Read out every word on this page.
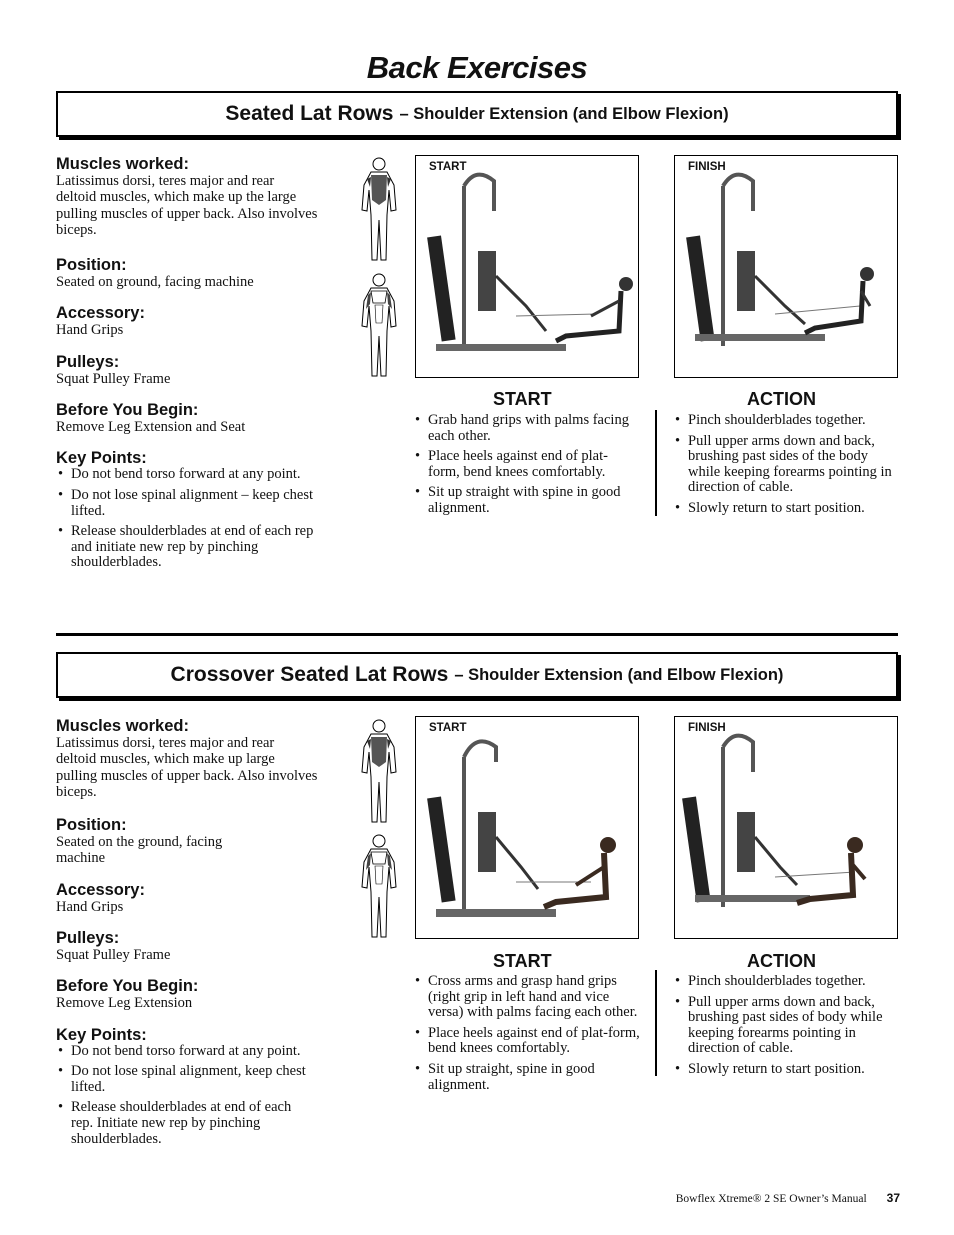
Back Exercises
Seated Lat Rows – Shoulder Extension (and Elbow Flexion)
Muscles worked:
Latissimus dorsi, teres major and rear deltoid muscles, which make up the large pulling muscles of upper back. Also involves biceps.
Position:
Seated on ground, facing machine
Accessory:
Hand Grips
Pulleys:
Squat Pulley Frame
Before You Begin:
Remove Leg Extension and Seat
Key Points:
• Do not bend torso forward at any point.
• Do not lose spinal alignment – keep chest lifted.
• Release shoulderblades at end of each rep and initiate new rep by pinching shoulderblades.
START	FINISH
START
• Grab hand grips with palms facing each other.
• Place heels against end of plat-form, bend knees comfortably.
• Sit up straight with spine in good alignment.
ACTION
• Pinch shoulderblades together.
• Pull upper arms down and back, brushing past sides of the body while keeping forearms pointing in direction of cable.
• Slowly return to start position.
Crossover Seated Lat Rows – Shoulder Extension (and Elbow Flexion)
Muscles worked:
Latissimus dorsi, teres major and rear deltoid muscles, which make up large pulling muscles of upper back. Also involves biceps.
Position:
Seated on the ground, facing machine
Accessory:
Hand Grips
Pulleys:
Squat Pulley Frame
Before You Begin:
Remove Leg Extension
Key Points:
• Do not bend torso forward at any point.
• Do not lose spinal alignment, keep chest lifted.
• Release shoulderblades at end of each rep. Initiate new rep by pinching shoulderblades.
START	FINISH
START
• Cross arms and grasp hand grips (right grip in left hand and vice versa) with palms facing each other.
• Place heels against end of plat-form, bend knees comfortably.
• Sit up straight, spine in good alignment.
ACTION
• Pinch shoulderblades together.
• Pull upper arms down and back, brushing past sides of body while keeping forearms pointing in direction of cable.
• Slowly return to start position.
Bowflex Xtreme® 2 SE Owner’s Manual 37
